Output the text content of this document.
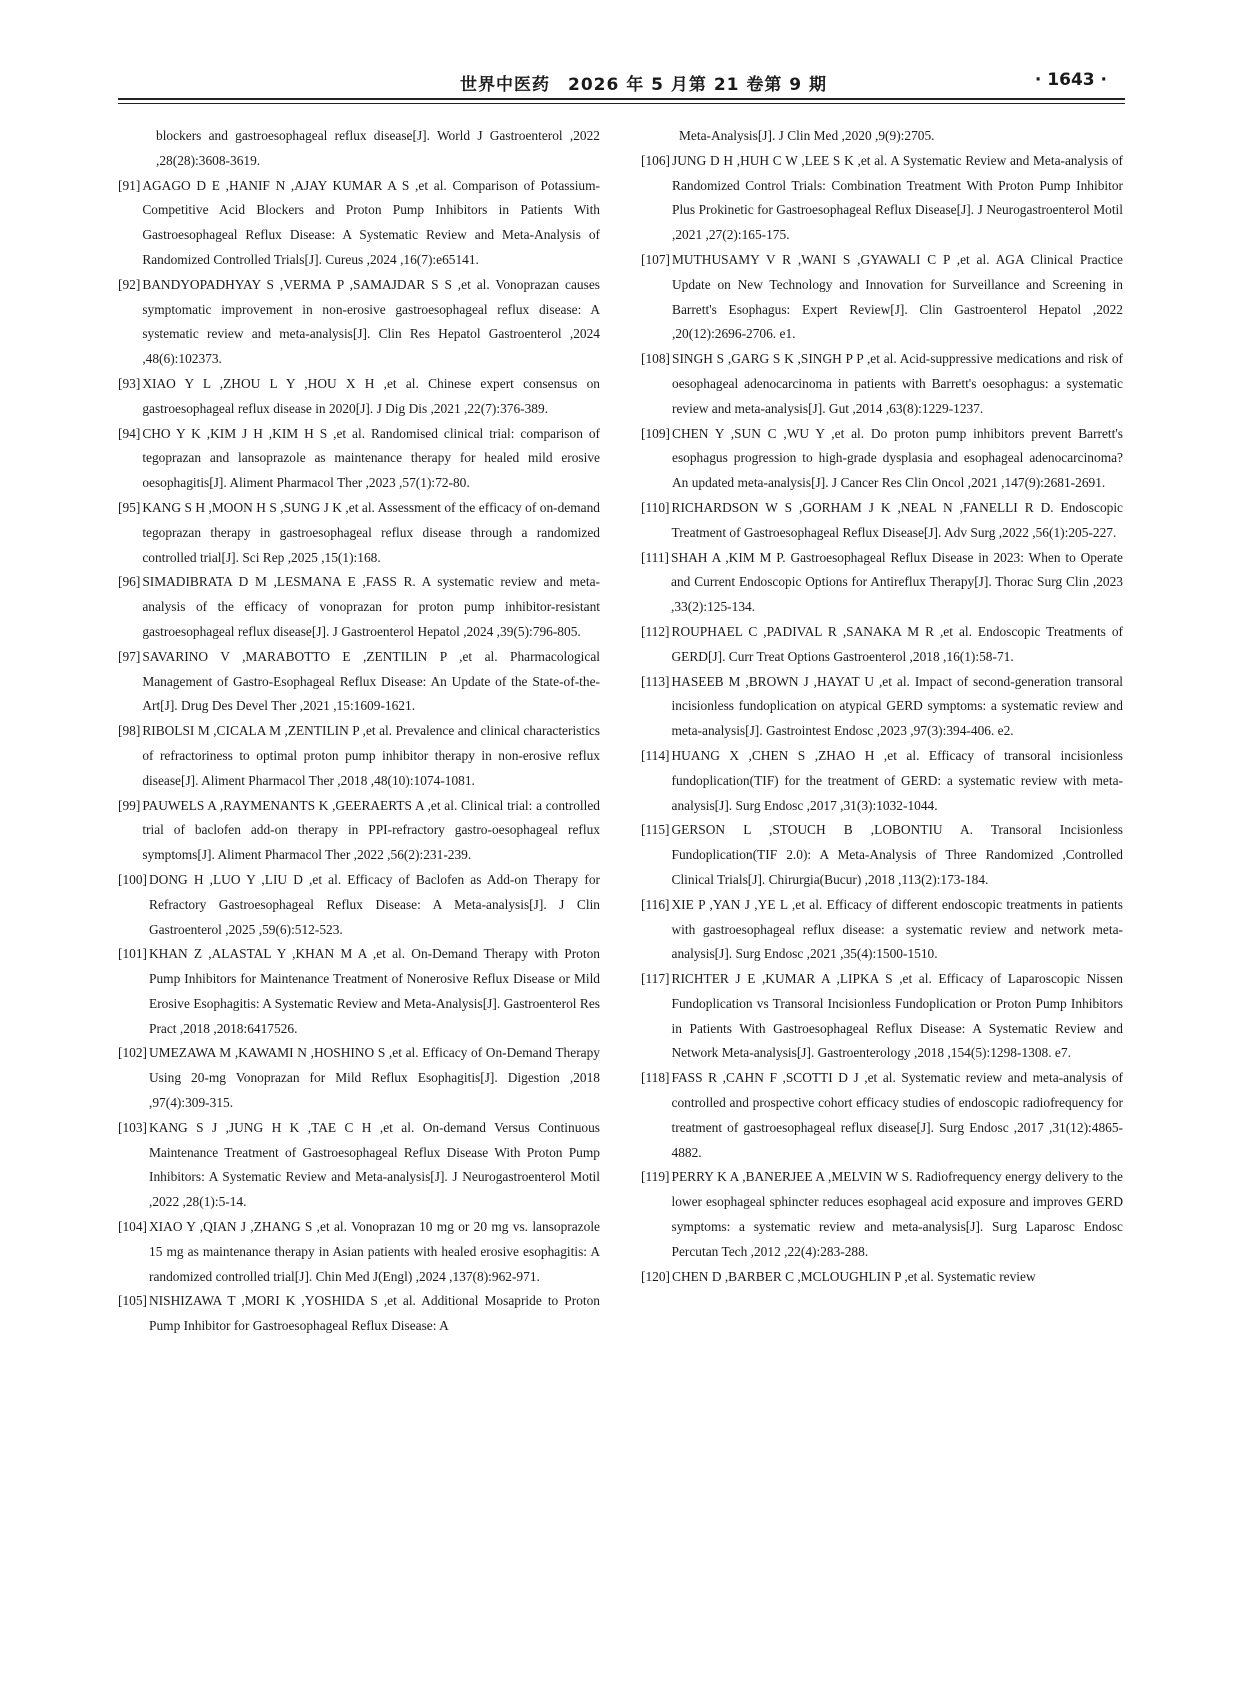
世界中医药　2026 年 5 月第 21 卷第 9 期	· 1643 ·
blockers and gastroesophageal reflux disease[J]. World J Gastroenterol ,2022 ,28(28):3608-3619.
[91] AGAGO D E ,HANIF N ,AJAY KUMAR A S ,et al. Comparison of Potassium-Competitive Acid Blockers and Proton Pump Inhibitors in Patients With Gastroesophageal Reflux Disease: A Systematic Review and Meta-Analysis of Randomized Controlled Trials[J]. Cureus ,2024 ,16(7):e65141.
[92] BANDYOPADHYAY S ,VERMA P ,SAMAJDAR S S ,et al. Vonoprazan causes symptomatic improvement in non-erosive gastroesophageal reflux disease: A systematic review and meta-analysis[J]. Clin Res Hepatol Gastroenterol ,2024 ,48(6):102373.
[93] XIAO Y L ,ZHOU L Y ,HOU X H ,et al. Chinese expert consensus on gastroesophageal reflux disease in 2020[J]. J Dig Dis ,2021 ,22(7):376-389.
[94] CHO Y K ,KIM J H ,KIM H S ,et al. Randomised clinical trial: comparison of tegoprazan and lansoprazole as maintenance therapy for healed mild erosive oesophagitis[J]. Aliment Pharmacol Ther ,2023 ,57(1):72-80.
[95] KANG S H ,MOON H S ,SUNG J K ,et al. Assessment of the efficacy of on-demand tegoprazan therapy in gastroesophageal reflux disease through a randomized controlled trial[J]. Sci Rep ,2025 ,15(1):168.
[96] SIMADIBRATA D M ,LESMANA E ,FASS R. A systematic review and meta-analysis of the efficacy of vonoprazan for proton pump inhibitor-resistant gastroesophageal reflux disease[J]. J Gastroenterol Hepatol ,2024 ,39(5):796-805.
[97] SAVARINO V ,MARABOTTO E ,ZENTILIN P ,et al. Pharmacological Management of Gastro-Esophageal Reflux Disease: An Update of the State-of-the-Art[J]. Drug Des Devel Ther ,2021 ,15:1609-1621.
[98] RIBOLSI M ,CICALA M ,ZENTILIN P ,et al. Prevalence and clinical characteristics of refractoriness to optimal proton pump inhibitor therapy in non-erosive reflux disease[J]. Aliment Pharmacol Ther ,2018 ,48(10):1074-1081.
[99] PAUWELS A ,RAYMENANTS K ,GEERAERTS A ,et al. Clinical trial: a controlled trial of baclofen add-on therapy in PPI-refractory gastro-oesophageal reflux symptoms[J]. Aliment Pharmacol Ther ,2022 ,56(2):231-239.
[100] DONG H ,LUO Y ,LIU D ,et al. Efficacy of Baclofen as Add-on Therapy for Refractory Gastroesophageal Reflux Disease: A Meta-analysis[J]. J Clin Gastroenterol ,2025 ,59(6):512-523.
[101] KHAN Z ,ALASTAL Y ,KHAN M A ,et al. On-Demand Therapy with Proton Pump Inhibitors for Maintenance Treatment of Nonerosive Reflux Disease or Mild Erosive Esophagitis: A Systematic Review and Meta-Analysis[J]. Gastroenterol Res Pract ,2018 ,2018:6417526.
[102] UMEZAWA M ,KAWAMI N ,HOSHINO S ,et al. Efficacy of On-Demand Therapy Using 20-mg Vonoprazan for Mild Reflux Esophagitis[J]. Digestion ,2018 ,97(4):309-315.
[103] KANG S J ,JUNG H K ,TAE C H ,et al. On-demand Versus Continuous Maintenance Treatment of Gastroesophageal Reflux Disease With Proton Pump Inhibitors: A Systematic Review and Meta-analysis[J]. J Neurogastroenterol Motil ,2022 ,28(1):5-14.
[104] XIAO Y ,QIAN J ,ZHANG S ,et al. Vonoprazan 10 mg or 20 mg vs. lansoprazole 15 mg as maintenance therapy in Asian patients with healed erosive esophagitis: A randomized controlled trial[J]. Chin Med J(Engl) ,2024 ,137(8):962-971.
[105] NISHIZAWA T ,MORI K ,YOSHIDA S ,et al. Additional Mosapride to Proton Pump Inhibitor for Gastroesophageal Reflux Disease: A
Meta-Analysis[J]. J Clin Med ,2020 ,9(9):2705.
[106] JUNG D H ,HUH C W ,LEE S K ,et al. A Systematic Review and Meta-analysis of Randomized Control Trials: Combination Treatment With Proton Pump Inhibitor Plus Prokinetic for Gastroesophageal Reflux Disease[J]. J Neurogastroenterol Motil ,2021 ,27(2):165-175.
[107] MUTHUSAMY V R ,WANI S ,GYAWALI C P ,et al. AGA Clinical Practice Update on New Technology and Innovation for Surveillance and Screening in Barrett's Esophagus: Expert Review[J]. Clin Gastroenterol Hepatol ,2022 ,20(12):2696-2706. e1.
[108] SINGH S ,GARG S K ,SINGH P P ,et al. Acid-suppressive medications and risk of oesophageal adenocarcinoma in patients with Barrett's oesophagus: a systematic review and meta-analysis[J]. Gut ,2014 ,63(8):1229-1237.
[109] CHEN Y ,SUN C ,WU Y ,et al. Do proton pump inhibitors prevent Barrett's esophagus progression to high-grade dysplasia and esophageal adenocarcinoma? An updated meta-analysis[J]. J Cancer Res Clin Oncol ,2021 ,147(9):2681-2691.
[110] RICHARDSON W S ,GORHAM J K ,NEAL N ,FANELLI R D. Endoscopic Treatment of Gastroesophageal Reflux Disease[J]. Adv Surg ,2022 ,56(1):205-227.
[111] SHAH A ,KIM M P. Gastroesophageal Reflux Disease in 2023: When to Operate and Current Endoscopic Options for Antireflux Therapy[J]. Thorac Surg Clin ,2023 ,33(2):125-134.
[112] ROUPHAEL C ,PADIVAL R ,SANAKA M R ,et al. Endoscopic Treatments of GERD[J]. Curr Treat Options Gastroenterol ,2018 ,16(1):58-71.
[113] HASEEB M ,BROWN J ,HAYAT U ,et al. Impact of second-generation transoral incisionless fundoplication on atypical GERD symptoms: a systematic review and meta-analysis[J]. Gastrointest Endosc ,2023 ,97(3):394-406. e2.
[114] HUANG X ,CHEN S ,ZHAO H ,et al. Efficacy of transoral incisionless fundoplication(TIF) for the treatment of GERD: a systematic review with meta-analysis[J]. Surg Endosc ,2017 ,31(3):1032-1044.
[115] GERSON L ,STOUCH B ,LOBONTIU A. Transoral Incisionless Fundoplication(TIF 2.0): A Meta-Analysis of Three Randomized ,Controlled Clinical Trials[J]. Chirurgia(Bucur) ,2018 ,113(2):173-184.
[116] XIE P ,YAN J ,YE L ,et al. Efficacy of different endoscopic treatments in patients with gastroesophageal reflux disease: a systematic review and network meta-analysis[J]. Surg Endosc ,2021 ,35(4):1500-1510.
[117] RICHTER J E ,KUMAR A ,LIPKA S ,et al. Efficacy of Laparoscopic Nissen Fundoplication vs Transoral Incisionless Fundoplication or Proton Pump Inhibitors in Patients With Gastroesophageal Reflux Disease: A Systematic Review and Network Meta-analysis[J]. Gastroenterology ,2018 ,154(5):1298-1308. e7.
[118] FASS R ,CAHN F ,SCOTTI D J ,et al. Systematic review and meta-analysis of controlled and prospective cohort efficacy studies of endoscopic radiofrequency for treatment of gastroesophageal reflux disease[J]. Surg Endosc ,2017 ,31(12):4865-4882.
[119] PERRY K A ,BANERJEE A ,MELVIN W S. Radiofrequency energy delivery to the lower esophageal sphincter reduces esophageal acid exposure and improves GERD symptoms: a systematic review and meta-analysis[J]. Surg Laparosc Endosc Percutan Tech ,2012 ,22(4):283-288.
[120] CHEN D ,BARBER C ,MCLOUGHLIN P ,et al. Systematic review
